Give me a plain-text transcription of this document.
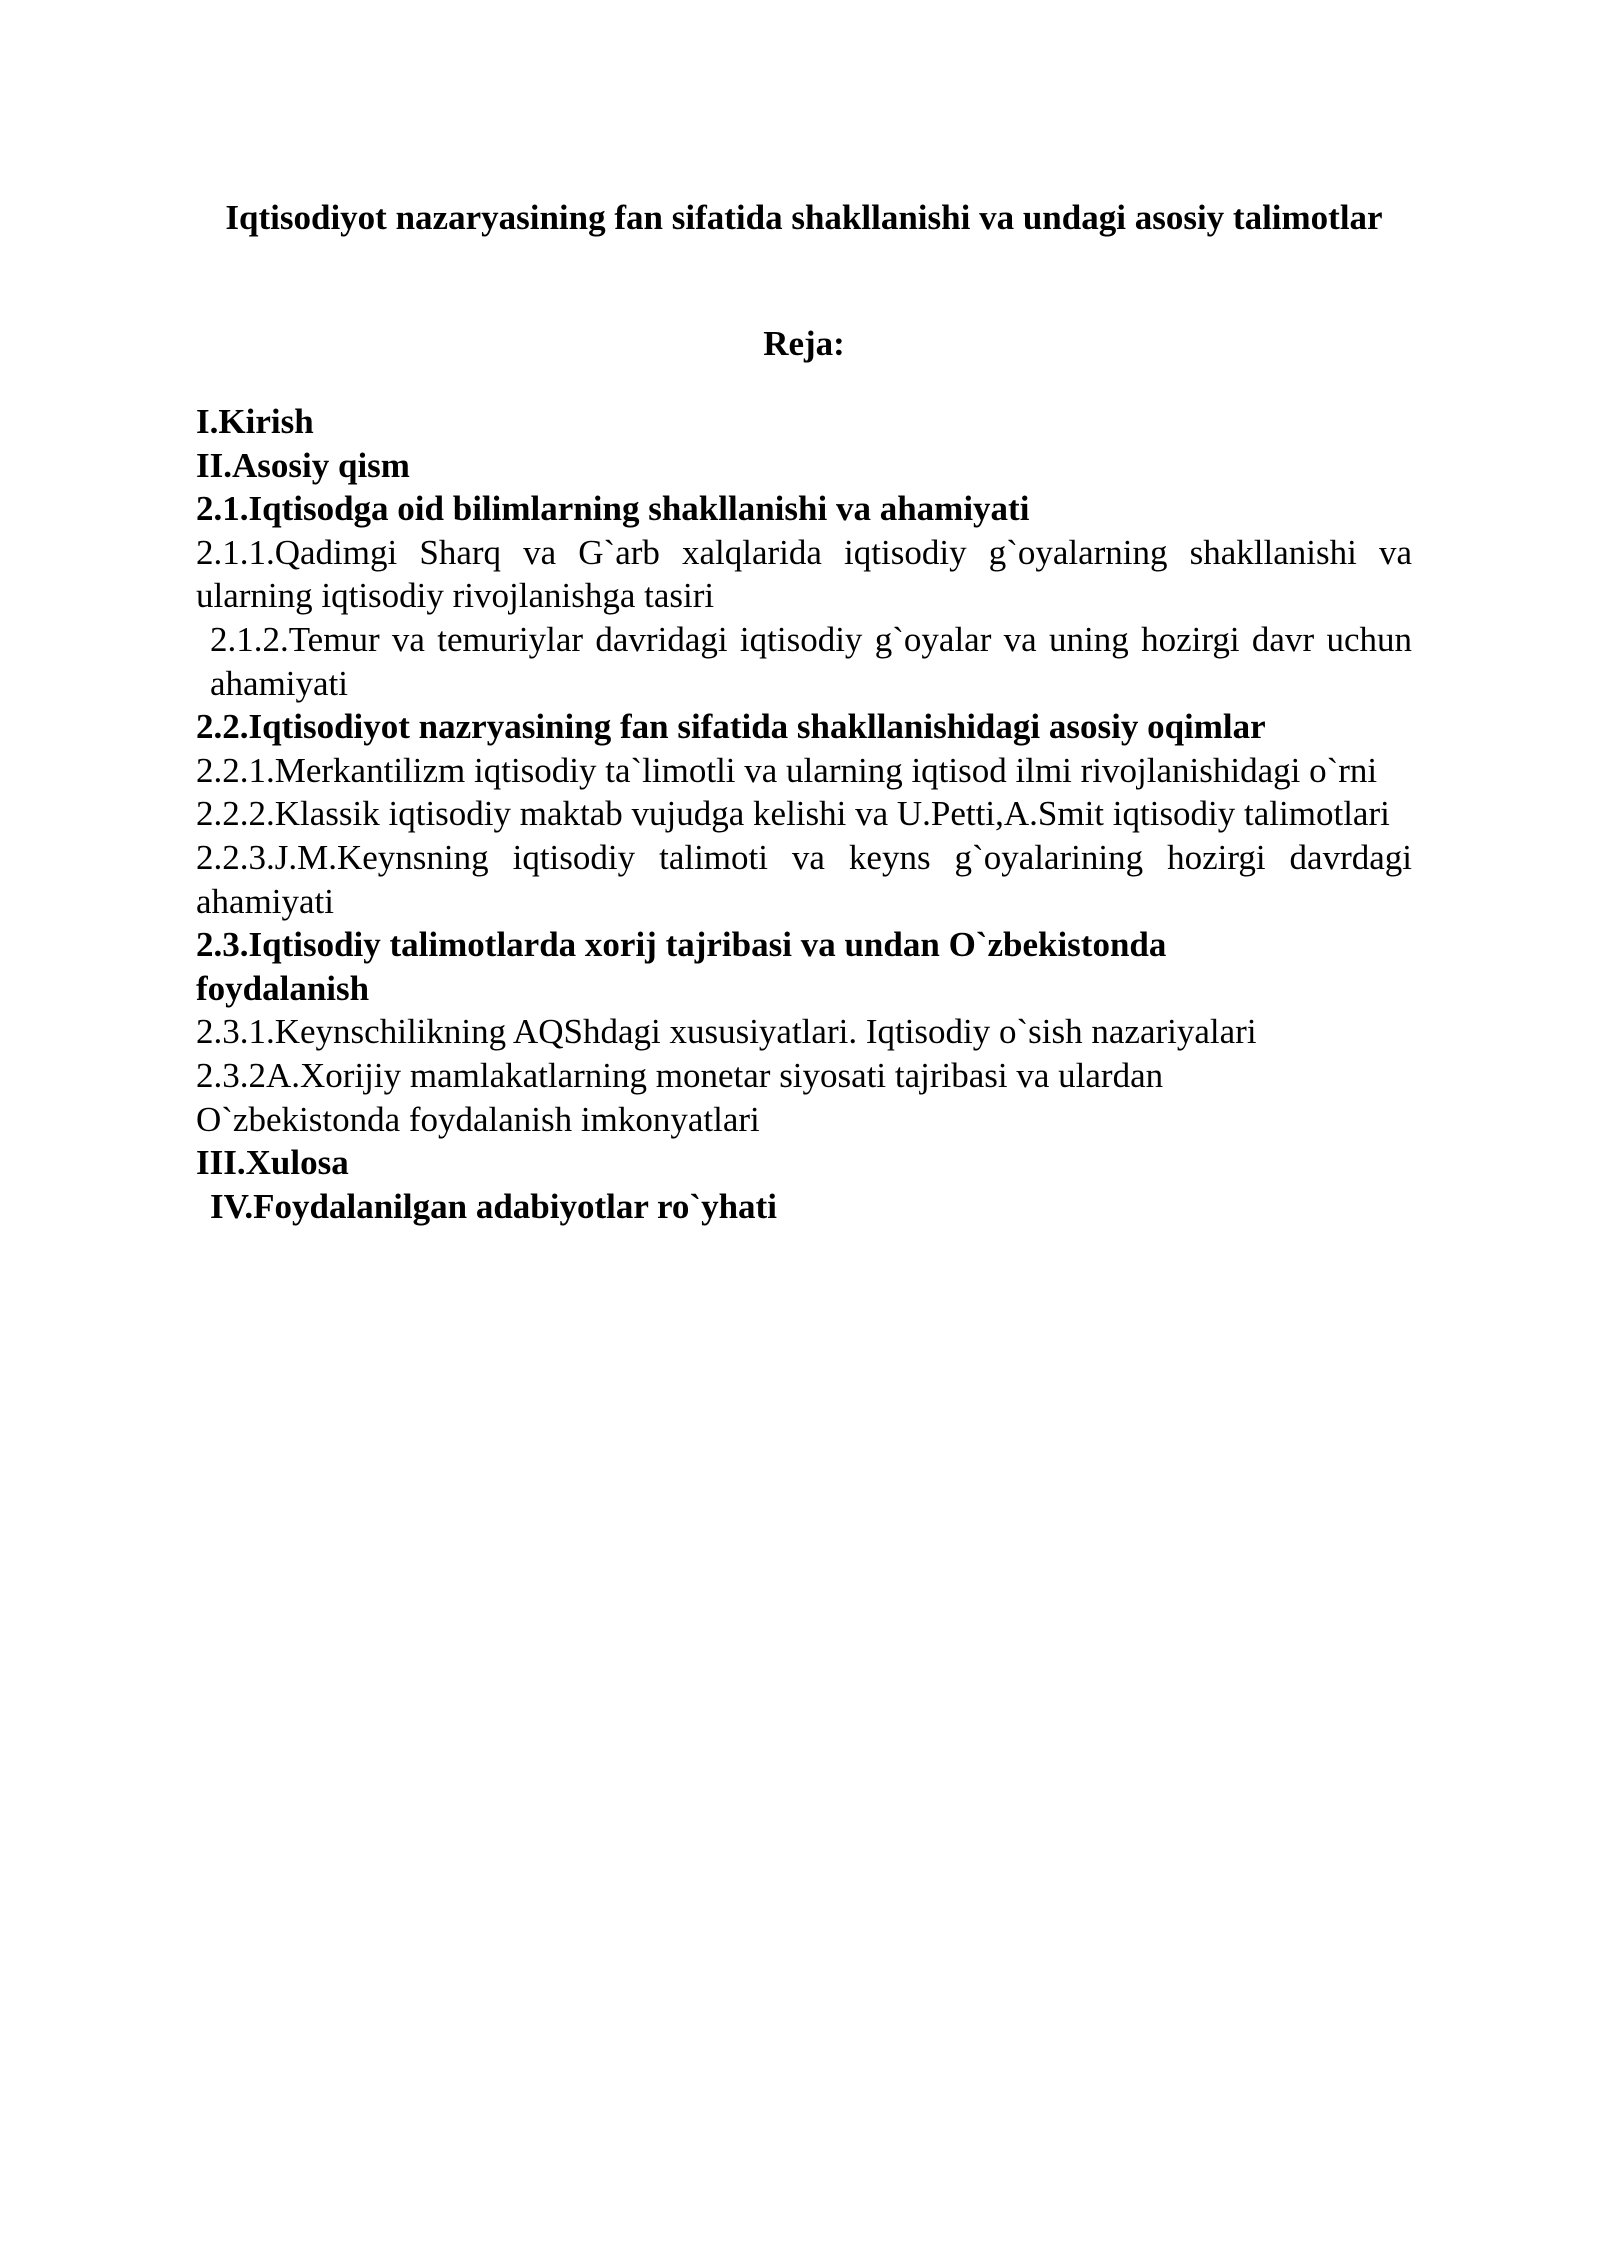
Iqtisodiyot nazaryasining fan sifatida shakllanishi va undagi asosiy talimotlar
Reja:

I.Kirish

II.Asosiy qism

2.1.Iqtisodga oid bilimlarning shakllanishi va ahamiyati

2.1.1.Qadimgi Sharq va G`arb xalqlarida iqtisodiy g`oyalarning shakllanishi va ularning iqtisodiy rivojlanishga tasiri

2.1.2.Temur va temuriylar davridagi iqtisodiy g`oyalar va uning hozirgi davr uchun ahamiyati

2.2.Iqtisodiyot nazryasining fan sifatida shakllanishidagi asosiy oqimlar

2.2.1.Merkantilizm iqtisodiy ta`limotli va ularning iqtisod ilmi rivojlanishidagi o`rni

2.2.2.Klassik iqtisodiy maktab vujudga kelishi va U.Petti,A.Smit iqtisodiy talimotlari

2.2.3.J.M.Keynsning iqtisodiy talimoti va keyns g`oyalarining hozirgi davrdagi ahamiyati

2.3.Iqtisodiy talimotlarda xorij tajribasi va undan O`zbekistonda foydalanish

2.3.1.Keynschilikning AQShdagi xususiyatlari. Iqtisodiy o`sish nazariyalari

2.3.2A.Xorijiy mamlakatlarning monetar siyosati tajribasi va ulardan O`zbekistonda foydalanish imkonyatlari

III.Xulosa

IV.Foydalanilgan adabiyotlar ro`yhati
